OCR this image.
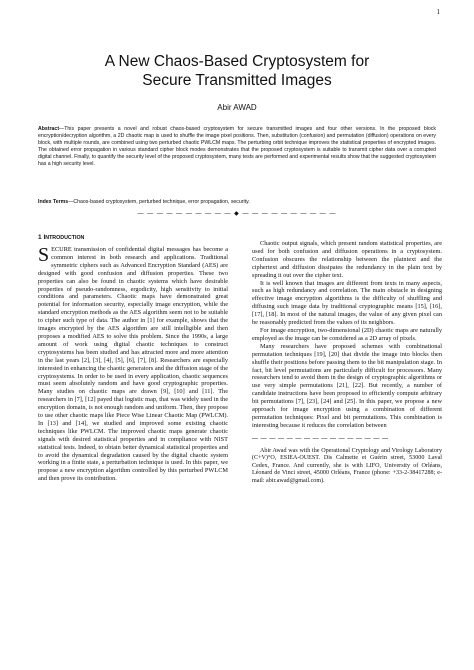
1
A New Chaos-Based Cryptosystem for
Secure Transmitted Images
Abir AWAD

Abstract—This paper presents a novel and robust chaos-based cryptosystem for secure transmitted images and four other versions. In the proposed block encryption/decryption algorithm, a 2D chaotic map is used to shuffle the image pixel positions. Then, substitution (confusion) and permutation (diffusion) operations on every block, with multiple rounds, are combined using two perturbed chaotic PWLCM maps. The perturbing orbit technique improves the statistical properties of encrypted images. The obtained error propagation in various standard cipher block modes demonstrates that the proposed cryptosystem is suitable to transmit cipher data over a corrupted digital channel. Finally, to quantify the security level of the proposed cryptosystem, many tests are performed and experimental results show that the suggested cryptosystem has a high security level.

Index Terms—Chaos-based cryptosystem, perturbed technique, error propagation, security.

— — — — — — — — — — ◆ — — — — — — — — — —
1 INTRODUCTION

SECURE transmission of confidential digital messages has become a common interest in both research and applications. Traditional symmetric ciphers such as Advanced Encryption Standard (AES) are designed with good confusion and diffusion properties. These two properties can also be found in chaotic systems which have desirable properties of pseudo-randomness, ergodicity, high sensitivity to initial conditions and parameters. Chaotic maps have demonstrated great potential for information security, especially image encryption, while the standard encryption methods as the AES algorithm seem not to be suitable to cipher such type of data. The author in [1] for example, shows that the images encrypted by the AES algorithm are still intelligible and then proposes a modified AES to solve this problem. Since the 1990s, a large amount of work using digital chaotic techniques to construct cryptosystems has been studied and has attracted more and more attention in the last years [2], [3], [4], [5], [6], [7], [8]. Researchers are especially interested in enhancing the chaotic generators and the diffusion stage of the cryptosystems. In order to be used in every application, chaotic sequences must seem absolutely random and have good cryptographic properties. Many studies on chaotic maps are drawn [9], [10] and [11]. The researchers in [7], [12] payed that logistic map, that was widely used in the encryption domain, is not enough random and uniform. Then, they propose to use other chaotic maps like Piece Wise Linear Chaotic Map (PWLCM). In [13] and [14], we studied and improved some existing chaotic techniques like PWLCM. The improved chaotic maps generate chaotic signals with desired statistical properties and in compliance with NIST statistical tests. Indeed, to obtain better dynamical statistical properties and to avoid the dynamical degradation caused by the digital chaotic system working in a finite state, a perturbation technique is used. In this paper, we propose a new encryption algorithm controlled by this perturbed PWLCM and then prove its contribution.

Chaotic output signals, which present random statistical properties, are used for both confusion and diffusion operations in a cryptosystem. Confusion obscures the relationship between the plaintext and the ciphertext and diffusion dissipates the redundancy in the plain text by spreading it out over the cipher text.

It is well known that images are different from texts in many aspects, such as high redundancy and correlation. The main obstacle in designing effective image encryption algorithms is the difficulty of shuffling and diffusing such image data by traditional cryptographic means [15], [16], [17], [18]. In most of the natural images, the value of any given pixel can be reasonably predicted from the values of its neighbors.

For image encryption, two-dimensional (2D) chaotic maps are naturally employed as the image can be considered as a 2D array of pixels.

Many researchers have proposed schemes with combinational permutation techniques [19], [20] that divide the image into blocks then shuffle their positions before passing them to the bit manipulation stage. In fact, bit level permutations are particularly difficult for processors. Many researchers tend to avoid them in the design of cryptographic algorithms or use very simple permutations [21], [22]. But recently, a number of candidate instructions have been proposed to efficiently compute arbitrary bit permutations [7], [23], [24] and [25]. In this paper, we propose a new approach for image encryption using a combination of different permutation techniques: Pixel and bit permutations. This combination is interesting because it reduces the correlation between

— — — — — — — — — — — — — — — —
Abir Awad was with the Operational Cryptology and Virology Laboratory (C+V)°O, ESIEA-OUEST. Dis Calmette et Guérin street, 53000 Laval Cedex, France. And currently, she is with LIFO, University of Orléans, Léonard de Vinci street, 45000 Orléans, France (phone: +33-2-38417288; e-mail: abir.awad@gmail.com).
